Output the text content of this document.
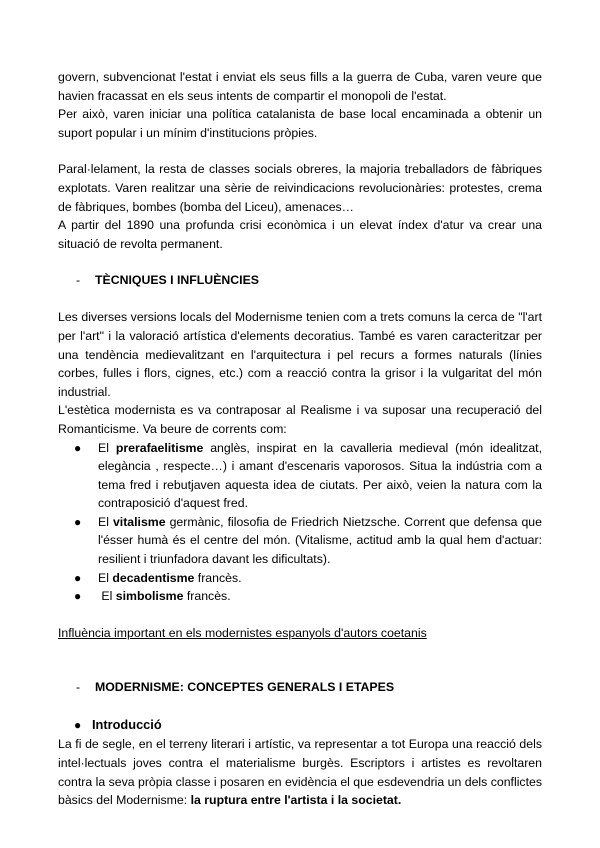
govern, subvencionat l'estat i enviat els seus fills a la guerra de Cuba, varen veure que havien fracassat en els seus intents de compartir el monopoli de l'estat.

Per això, varen iniciar una política catalanista de base local encaminada a obtenir un suport popular i un mínim d'institucions pròpies.

Paral·lelament, la resta de classes socials obreres, la majoria treballadors de fàbriques explotats. Varen realitzar una sèrie de reivindicacions revolucionàries: protestes, crema de fàbriques, bombes (bomba del Liceu), amenaces…

A partir del 1890 una profunda crisi econòmica i un elevat índex d'atur va crear una situació de revolta permanent.

-	TÈCNIQUES I INFLUÈNCIES

Les diverses versions locals del Modernisme tenien com a trets comuns la cerca de "l'art per l'art" i la valoració artística d'elements decoratius. També es varen caracteritzar per una tendència medievalitzant en l'arquitectura i pel recurs a formes naturals (línies corbes, fulles i flors, cignes, etc.) com a reacció contra la grisor i la vulgaritat del món industrial.

L'estètica modernista es va contraposar al Realisme i va suposar una recuperació del Romanticisme. Va beure de corrents com:

● El prerafaelitisme anglès, inspirat en la cavalleria medieval (món idealitzat, elegància , respecte…) i amant d'escenaris vaporosos. Situa la indústria com a tema fred i rebutjaven aquesta idea de ciutats. Per això, veien la natura com la contraposició d'aquest fred.
● El vitalisme germànic, filosofia de Friedrich Nietzsche. Corrent que defensa que l'ésser humà és el centre del món. (Vitalisme, actitud amb la qual hem d'actuar: resilient i triunfadora davant les dificultats).
● El decadentisme francès.
● El simbolisme francès.

Influència important en els modernistes espanyols d'autors coetanis

-	MODERNISME: CONCEPTES GENERALS I ETAPES
● Introducció

La fi de segle, en el terreny literari i artístic, va representar a tot Europa una reacció dels intel·lectuals joves contra el materialisme burgès. Escriptors i artistes es revoltaren contra la seva pròpia classe i posaren en evidència el que esdevendria un dels conflictes bàsics del Modernisme: la ruptura entre l'artista i la societat.
